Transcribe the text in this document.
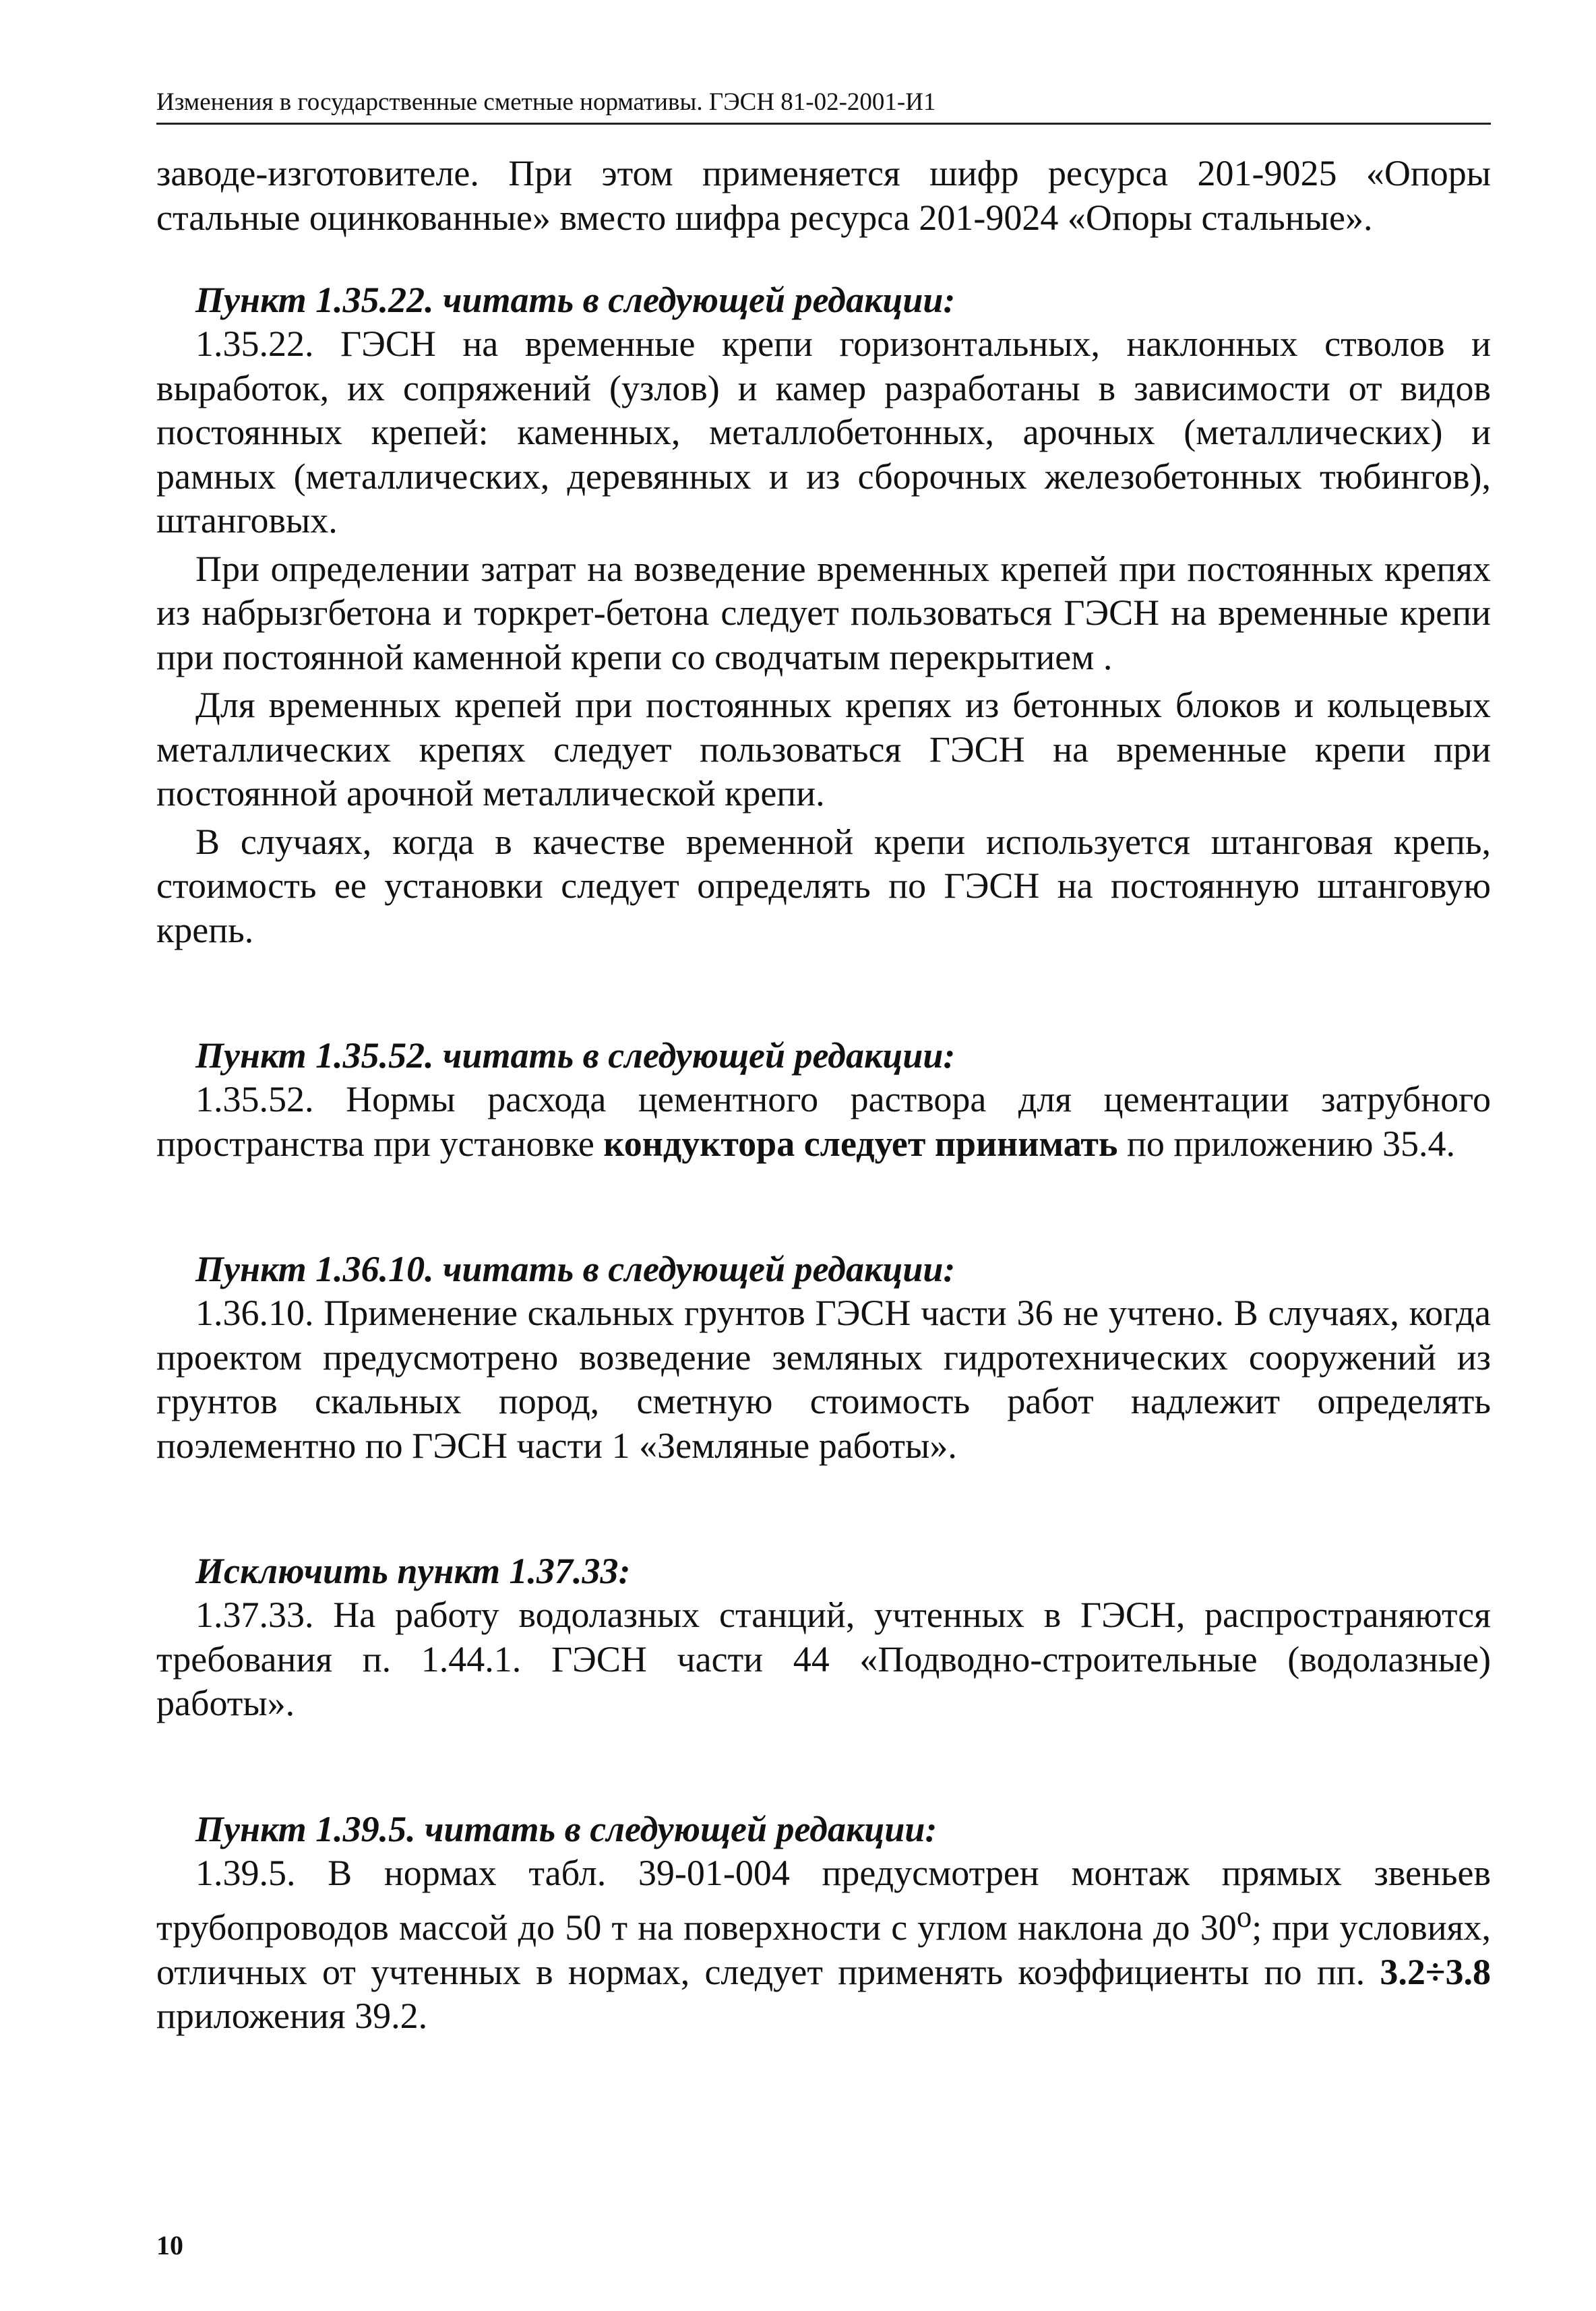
Изменения в государственные сметные нормативы. ГЭСН 81-02-2001-И1

заводе-изготовителе. При этом применяется шифр ресурса 201-9025 «Опоры стальные оцинкованные» вместо шифра ресурса 201-9024 «Опоры стальные».

Пункт 1.35.22. читать в следующей редакции:

1.35.22. ГЭСН на временные крепи горизонтальных, наклонных стволов и выработок, их сопряжений (узлов) и камер разработаны в зависимости от видов постоянных крепей: каменных, металлобетонных, арочных (металлических) и рамных (металлических, деревянных и из сборочных железобетонных тюбингов), штанговых.

При определении затрат на возведение временных крепей при постоянных крепях из набрызгбетона и торкрет-бетона следует пользоваться ГЭСН на временные крепи при постоянной каменной крепи со сводчатым перекрытием .

Для временных крепей при постоянных крепях из бетонных блоков и кольцевых металлических крепях следует пользоваться ГЭСН на временные крепи при постоянной арочной металлической крепи.

В случаях, когда в качестве временной крепи используется штанговая крепь, стоимость ее установки следует определять по ГЭСН на постоянную штанговую крепь.

Пункт 1.35.52. читать в следующей редакции:

1.35.52. Нормы расхода цементного раствора для цементации затрубного пространства при установке кондуктора следует принимать по приложению 35.4.

Пункт 1.36.10. читать в следующей редакции:

1.36.10. Применение скальных грунтов ГЭСН части 36 не учтено. В случаях, когда проектом предусмотрено возведение земляных гидротехнических сооружений из грунтов скальных пород, сметную стоимость работ надлежит определять поэлементно по ГЭСН части 1 «Земляные работы».

Исключить пункт 1.37.33:

1.37.33. На работу водолазных станций, учтенных в ГЭСН, распространяются требования п. 1.44.1. ГЭСН части 44 «Подводно-строительные (водолазные) работы».

Пункт 1.39.5. читать в следующей редакции:

1.39.5. В нормах табл. 39-01-004 предусмотрен монтаж прямых звеньев трубопроводов массой до 50 т на поверхности с углом наклона до $30^о$; при условиях, отличных от учтенных в нормах, следует применять коэффициенты по пп. 3.2÷3.8 приложения 39.2.

10
